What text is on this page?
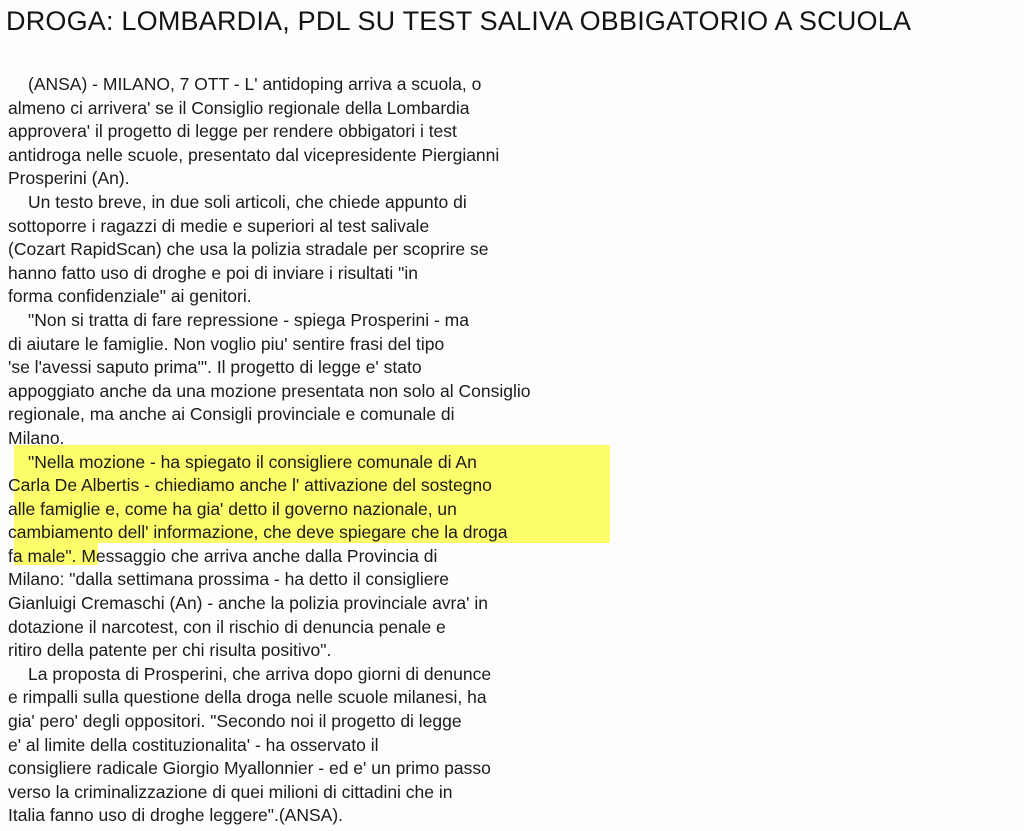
DROGA: LOMBARDIA, PDL SU TEST SALIVA OBBIGATORIO A SCUOLA
(ANSA) - MILANO, 7 OTT - L' antidoping arriva a scuola, o
almeno ci arrivera' se il Consiglio regionale della Lombardia
approvera' il progetto di legge per rendere obbigatori i test
antidroga nelle scuole, presentato dal vicepresidente Piergianni
Prosperini (An).
Un testo breve, in due soli articoli, che chiede appunto di
sottoporre i ragazzi di medie e superiori al test salivale
(Cozart RapidScan) che usa la polizia stradale per scoprire se
hanno fatto uso di droghe e poi di inviare i risultati "in
forma confidenziale" ai genitori.
"Non si tratta di fare repressione - spiega Prosperini - ma
di aiutare le famiglie. Non voglio piu' sentire frasi del tipo
'se l'avessi saputo prima'". Il progetto di legge e' stato
appoggiato anche da una mozione presentata non solo al Consiglio
regionale, ma anche ai Consigli provinciale e comunale di
Milano.
"Nella mozione - ha spiegato il consigliere comunale di An
Carla De Albertis - chiediamo anche l' attivazione del sostegno
alle famiglie e, come ha gia' detto il governo nazionale, un
cambiamento dell' informazione, che deve spiegare che la droga
fa male". Messaggio che arriva anche dalla Provincia di
Milano: "dalla settimana prossima - ha detto il consigliere
Gianluigi Cremaschi (An) - anche la polizia provinciale avra' in
dotazione il narcotest, con il rischio di denuncia penale e
ritiro della patente per chi risulta positivo".
La proposta di Prosperini, che arriva dopo giorni di denunce
e rimpalli sulla questione della droga nelle scuole milanesi, ha
gia' pero' degli oppositori. "Secondo noi il progetto di legge
e' al limite della costituzionalita' - ha osservato il
consigliere radicale Giorgio Myallonnier - ed e' un primo passo
verso la criminalizzazione di quei milioni di cittadini che in
Italia fanno uso di droghe leggere".(ANSA).
